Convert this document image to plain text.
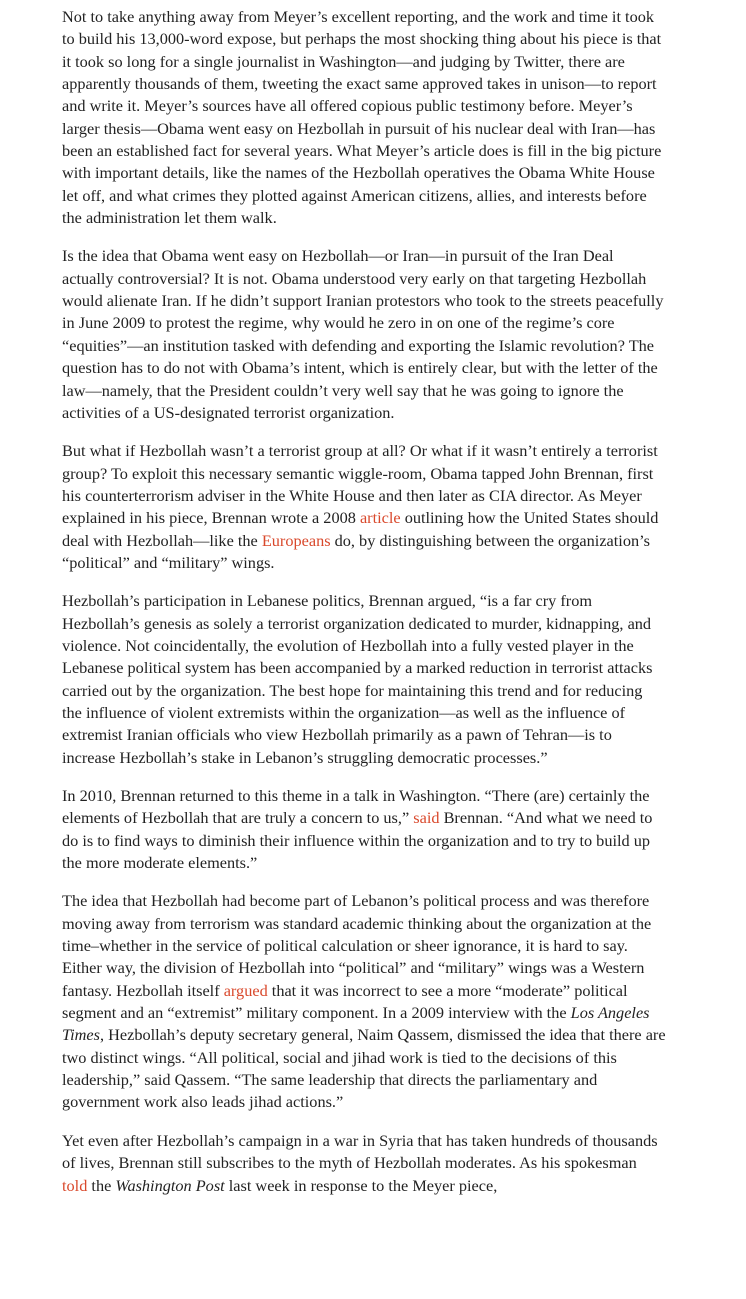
Not to take anything away from Meyer’s excellent reporting, and the work and time it took to build his 13,000-word expose, but perhaps the most shocking thing about his piece is that it took so long for a single journalist in Washington—and judging by Twitter, there are apparently thousands of them, tweeting the exact same approved takes in unison—to report and write it. Meyer’s sources have all offered copious public testimony before. Meyer’s larger thesis—Obama went easy on Hezbollah in pursuit of his nuclear deal with Iran—has been an established fact for several years. What Meyer’s article does is fill in the big picture with important details, like the names of the Hezbollah operatives the Obama White House let off, and what crimes they plotted against American citizens, allies, and interests before the administration let them walk.

Is the idea that Obama went easy on Hezbollah—or Iran—in pursuit of the Iran Deal actually controversial? It is not. Obama understood very early on that targeting Hezbollah would alienate Iran. If he didn’t support Iranian protestors who took to the streets peacefully in June 2009 to protest the regime, why would he zero in on one of the regime’s core “equities”—an institution tasked with defending and exporting the Islamic revolution? The question has to do not with Obama’s intent, which is entirely clear, but with the letter of the law—namely, that the President couldn’t very well say that he was going to ignore the activities of a US-designated terrorist organization.

But what if Hezbollah wasn’t a terrorist group at all? Or what if it wasn’t entirely a terrorist group? To exploit this necessary semantic wiggle-room, Obama tapped John Brennan, first his counterterrorism adviser in the White House and then later as CIA director. As Meyer explained in his piece, Brennan wrote a 2008 article outlining how the United States should deal with Hezbollah—like the Europeans do, by distinguishing between the organization’s “political” and “military” wings.

Hezbollah’s participation in Lebanese politics, Brennan argued, “is a far cry from Hezbollah’s genesis as solely a terrorist organization dedicated to murder, kidnapping, and violence. Not coincidentally, the evolution of Hezbollah into a fully vested player in the Lebanese political system has been accompanied by a marked reduction in terrorist attacks carried out by the organization. The best hope for maintaining this trend and for reducing the influence of violent extremists within the organization—as well as the influence of extremist Iranian officials who view Hezbollah primarily as a pawn of Tehran—is to increase Hezbollah’s stake in Lebanon’s struggling democratic processes.”

In 2010, Brennan returned to this theme in a talk in Washington. “There (are) certainly the elements of Hezbollah that are truly a concern to us,” said Brennan. “And what we need to do is to find ways to diminish their influence within the organization and to try to build up the more moderate elements.”

The idea that Hezbollah had become part of Lebanon’s political process and was therefore moving away from terrorism was standard academic thinking about the organization at the time–whether in the service of political calculation or sheer ignorance, it is hard to say. Either way, the division of Hezbollah into “political” and “military” wings was a Western fantasy. Hezbollah itself argued that it was incorrect to see a more “moderate” political segment and an “extremist” military component. In a 2009 interview with the Los Angeles Times, Hezbollah’s deputy secretary general, Naim Qassem, dismissed the idea that there are two distinct wings. “All political, social and jihad work is tied to the decisions of this leadership,” said Qassem. “The same leadership that directs the parliamentary and government work also leads jihad actions.”

Yet even after Hezbollah’s campaign in a war in Syria that has taken hundreds of thousands of lives, Brennan still subscribes to the myth of Hezbollah moderates. As his spokesman told the Washington Post last week in response to the Meyer piece,
